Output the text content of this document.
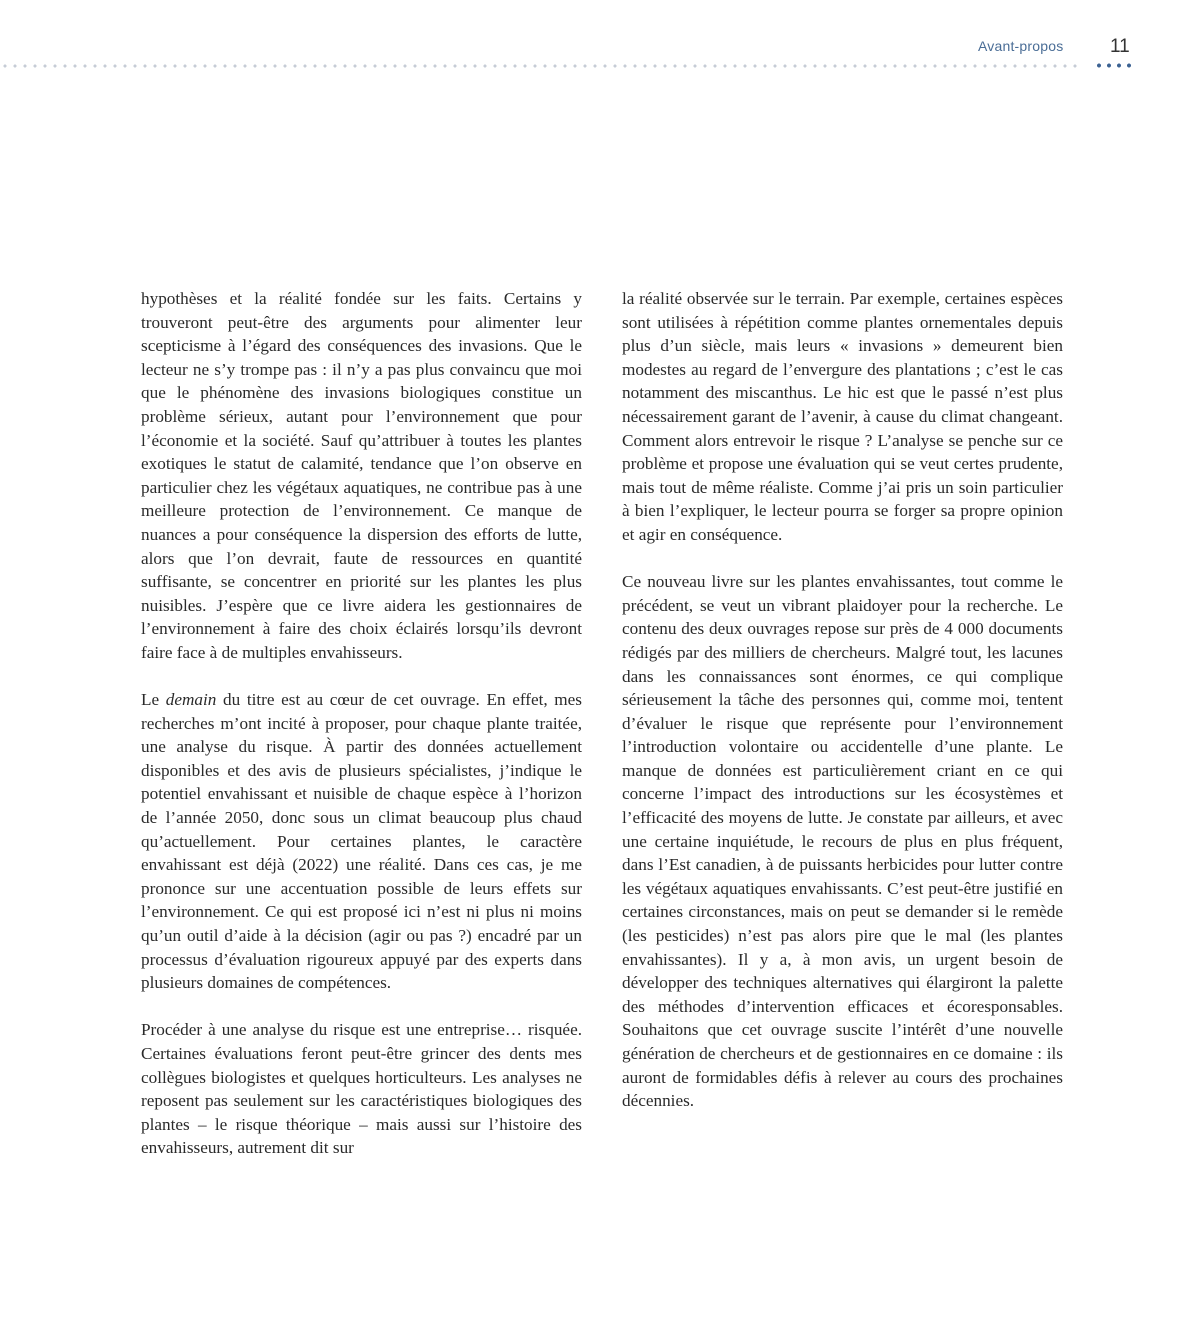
Avant-propos 11

hypothèses et la réalité fondée sur les faits. Certains y trouveront peut-être des arguments pour alimenter leur scepticisme à l’égard des conséquences des invasions. Que le lecteur ne s’y trompe pas : il n’y a pas plus convaincu que moi que le phénomène des invasions biologiques constitue un problème sérieux, autant pour l’environnement que pour l’économie et la société. Sauf qu’attribuer à toutes les plantes exotiques le statut de calamité, tendance que l’on observe en particulier chez les végétaux aquatiques, ne contribue pas à une meilleure protection de l’environnement. Ce manque de nuances a pour conséquence la dispersion des efforts de lutte, alors que l’on devrait, faute de ressources en quantité suffisante, se concentrer en priorité sur les plantes les plus nuisibles. J’espère que ce livre aidera les gestionnaires de l’environnement à faire des choix éclairés lorsqu’ils devront faire face à de multiples envahisseurs.

Le demain du titre est au cœur de cet ouvrage. En effet, mes recherches m’ont incité à proposer, pour chaque plante traitée, une analyse du risque. À partir des données actuellement disponibles et des avis de plusieurs spécialistes, j’indique le potentiel envahissant et nuisible de chaque espèce à l’horizon de l’année 2050, donc sous un climat beaucoup plus chaud qu’actuellement. Pour certaines plantes, le caractère envahissant est déjà (2022) une réalité. Dans ces cas, je me prononce sur une accentuation possible de leurs effets sur l’environnement. Ce qui est proposé ici n’est ni plus ni moins qu’un outil d’aide à la décision (agir ou pas ?) encadré par un processus d’évaluation rigoureux appuyé par des experts dans plusieurs domaines de compétences.

Procéder à une analyse du risque est une entreprise… risquée. Certaines évaluations feront peut-être grincer des dents mes collègues biologistes et quelques horticulteurs. Les analyses ne reposent pas seulement sur les caractéristiques biologiques des plantes – le risque théorique – mais aussi sur l’histoire des envahisseurs, autrement dit sur

la réalité observée sur le terrain. Par exemple, certaines espèces sont utilisées à répétition comme plantes ornementales depuis plus d’un siècle, mais leurs « invasions » demeurent bien modestes au regard de l’envergure des plantations ; c’est le cas notamment des miscanthus. Le hic est que le passé n’est plus nécessairement garant de l’avenir, à cause du climat changeant. Comment alors entrevoir le risque ? L’analyse se penche sur ce problème et propose une évaluation qui se veut certes prudente, mais tout de même réaliste. Comme j’ai pris un soin particulier à bien l’expliquer, le lecteur pourra se forger sa propre opinion et agir en conséquence.

Ce nouveau livre sur les plantes envahissantes, tout comme le précédent, se veut un vibrant plaidoyer pour la recherche. Le contenu des deux ouvrages repose sur près de 4 000 documents rédigés par des milliers de chercheurs. Malgré tout, les lacunes dans les connaissances sont énormes, ce qui complique sérieusement la tâche des personnes qui, comme moi, tentent d’évaluer le risque que représente pour l’environnement l’introduction volontaire ou accidentelle d’une plante. Le manque de données est particulièrement criant en ce qui concerne l’impact des introductions sur les écosystèmes et l’efficacité des moyens de lutte. Je constate par ailleurs, et avec une certaine inquiétude, le recours de plus en plus fréquent, dans l’Est canadien, à de puissants herbicides pour lutter contre les végétaux aquatiques envahissants. C’est peut-être justifié en certaines circonstances, mais on peut se demander si le remède (les pesticides) n’est pas alors pire que le mal (les plantes envahissantes). Il y a, à mon avis, un urgent besoin de développer des techniques alternatives qui élargiront la palette des méthodes d’intervention efficaces et écoresponsables. Souhaitons que cet ouvrage suscite l’intérêt d’une nouvelle génération de chercheurs et de gestionnaires en ce domaine : ils auront de formidables défis à relever au cours des prochaines décennies.
